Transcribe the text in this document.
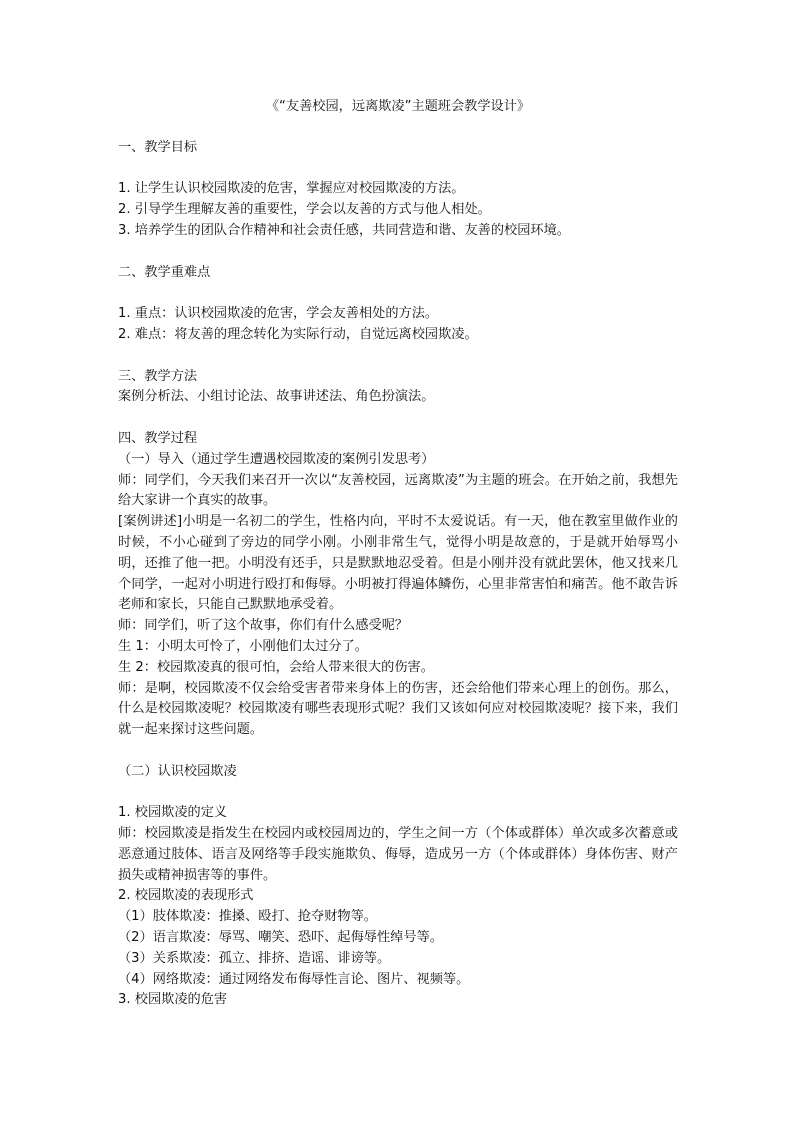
《“友善校园，远离欺凌”主题班会教学设计》
一、教学目标
1. 让学生认识校园欺凌的危害，掌握应对校园欺凌的方法。
2. 引导学生理解友善的重要性，学会以友善的方式与他人相处。
3. 培养学生的团队合作精神和社会责任感，共同营造和谐、友善的校园环境。
二、教学重难点
1. 重点：认识校园欺凌的危害，学会友善相处的方法。
2. 难点：将友善的理念转化为实际行动，自觉远离校园欺凌。
三、教学方法
案例分析法、小组讨论法、故事讲述法、角色扮演法。
四、教学过程
（一）导入（通过学生遭遇校园欺凌的案例引发思考）
师：同学们，今天我们来召开一次以“友善校园，远离欺凌”为主题的班会。在开始之前，我想先给大家讲一个真实的故事。
[案例讲述]小明是一名初二的学生，性格内向，平时不太爱说话。有一天，他在教室里做作业的时候，不小心碰到了旁边的同学小刚。小刚非常生气，觉得小明是故意的，于是就开始辱骂小明，还推了他一把。小明没有还手，只是默默地忍受着。但是小刚并没有就此罢休，他又找来几个同学，一起对小明进行殴打和侮辱。小明被打得遍体鳞伤，心里非常害怕和痛苦。他不敢告诉老师和家长，只能自己默默地承受着。
师：同学们，听了这个故事，你们有什么感受呢？
生 1：小明太可怜了，小刚他们太过分了。
生 2：校园欺凌真的很可怕，会给人带来很大的伤害。
师：是啊，校园欺凌不仅会给受害者带来身体上的伤害，还会给他们带来心理上的创伤。那么，什么是校园欺凌呢？校园欺凌有哪些表现形式呢？我们又该如何应对校园欺凌呢？接下来，我们就一起来探讨这些问题。
（二）认识校园欺凌
1. 校园欺凌的定义
师：校园欺凌是指发生在校园内或校园周边的，学生之间一方（个体或群体）单次或多次蓄意或恶意通过肢体、语言及网络等手段实施欺负、侮辱，造成另一方（个体或群体）身体伤害、财产损失或精神损害等的事件。
2. 校园欺凌的表现形式
（1）肢体欺凌：推搡、殴打、抢夺财物等。
（2）语言欺凌：辱骂、嘲笑、恐吓、起侮辱性绰号等。
（3）关系欺凌：孤立、排挤、造谣、诽谤等。
（4）网络欺凌：通过网络发布侮辱性言论、图片、视频等。
3. 校园欺凌的危害
